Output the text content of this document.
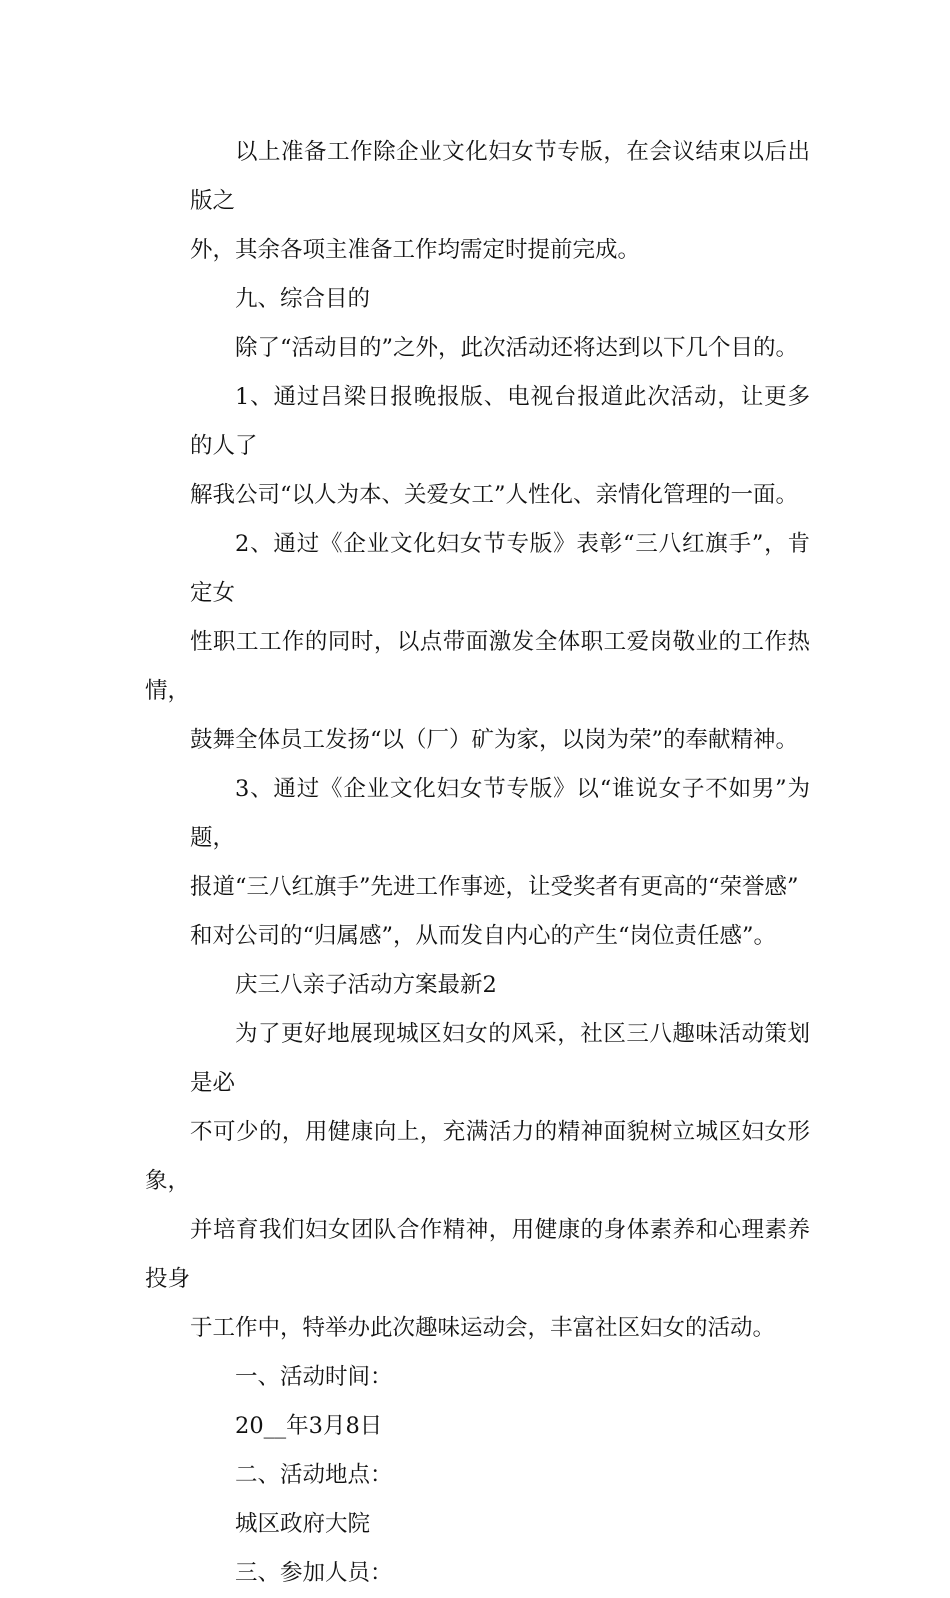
以上准备工作除企业文化妇女节专版，在会议结束以后出版之
外，其余各项主准备工作均需定时提前完成。

九、综合目的

除了“活动目的”之外，此次活动还将达到以下几个目的。

1、通过吕梁日报晚报版、电视台报道此次活动，让更多的人了
解我公司“以人为本、关爱女工”人性化、亲情化管理的一面。

2、通过《企业文化妇女节专版》表彰“三八红旗手”，肯定女
性职工工作的同时，以点带面激发全体职工爱岗敬业的工作热情，
鼓舞全体员工发扬“以（厂）矿为家，以岗为荣”的奉献精神。

3、通过《企业文化妇女节专版》以“谁说女子不如男”为题，
报道“三八红旗手”先进工作事迹，让受奖者有更高的“荣誉感”
和对公司的“归属感”，从而发自内心的产生“岗位责任感”。

庆三八亲子活动方案最新2

为了更好地展现城区妇女的风采，社区三八趣味活动策划是必
不可少的，用健康向上，充满活力的精神面貌树立城区妇女形象，
并培育我们妇女团队合作精神，用健康的身体素养和心理素养投身
于工作中，特举办此次趣味运动会，丰富社区妇女的活动。

一、活动时间：

20__年3月8日

二、活动地点：

城区政府大院

三、参加人员：
